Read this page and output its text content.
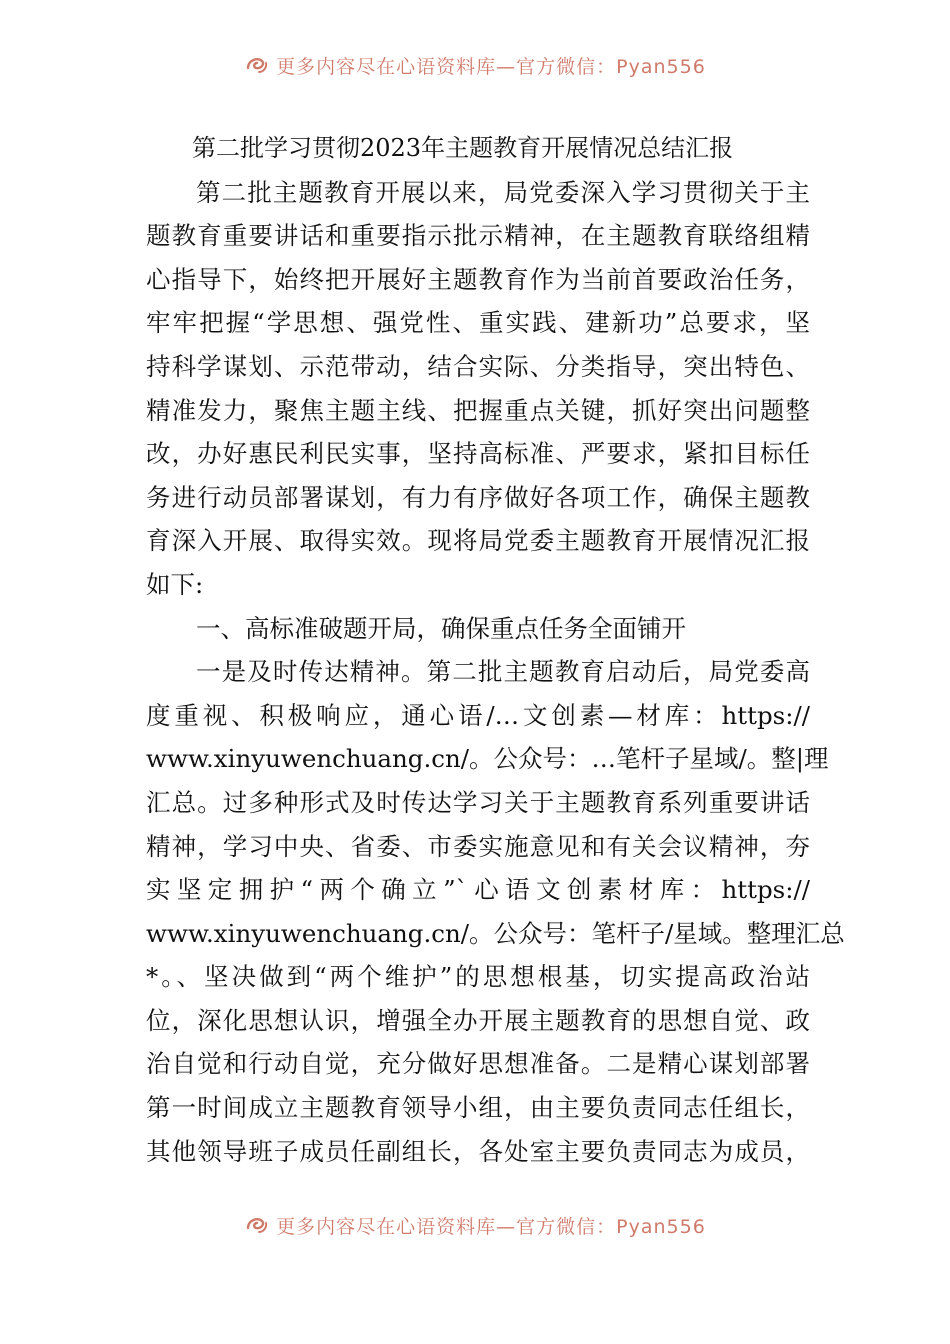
更多内容尽在心语资料库—官方微信：Pyan556
第二批学习贯彻2023年主题教育开展情况总结汇报
第二批主题教育开展以来，局党委深入学习贯彻关于主
题教育重要讲话和重要指示批示精神，在主题教育联络组精
心指导下，始终把开展好主题教育作为当前首要政治任务，
牢牢把握“学思想、强党性、重实践、建新功”总要求，坚
持科学谋划、示范带动，结合实际、分类指导，突出特色、
精准发力，聚焦主题主线、把握重点关键，抓好突出问题整
改，办好惠民利民实事，坚持高标准、严要求，紧扣目标任
务进行动员部署谋划，有力有序做好各项工作，确保主题教
育深入开展、取得实效。现将局党委主题教育开展情况汇报
如下:
一、高标准破题开局，确保重点任务全面铺开
一是及时传达精神。第二批主题教育启动后，局党委高
度重视、积极响应，通心语/…文创素—材库：https://
www.xinyuwenchuang.cn/。公众号：…笔杆子星域/。整|理
汇总。过多种形式及时传达学习关于主题教育系列重要讲话
精神，学习中央、省委、市委实施意见和有关会议精神，夯
实坚定拥护“两个确立”`心语文创素材库：https://
www.xinyuwenchuang.cn/。公众号：笔杆子/星域。整理汇总
*。、坚决做到“两个维护”的思想根基，切实提高政治站
位，深化思想认识，增强全办开展主题教育的思想自觉、政
治自觉和行动自觉，充分做好思想准备。二是精心谋划部署
第一时间成立主题教育领导小组，由主要负责同志任组长，
其他领导班子成员任副组长，各处室主要负责同志为成员，
更多内容尽在心语资料库—官方微信：Pyan556
